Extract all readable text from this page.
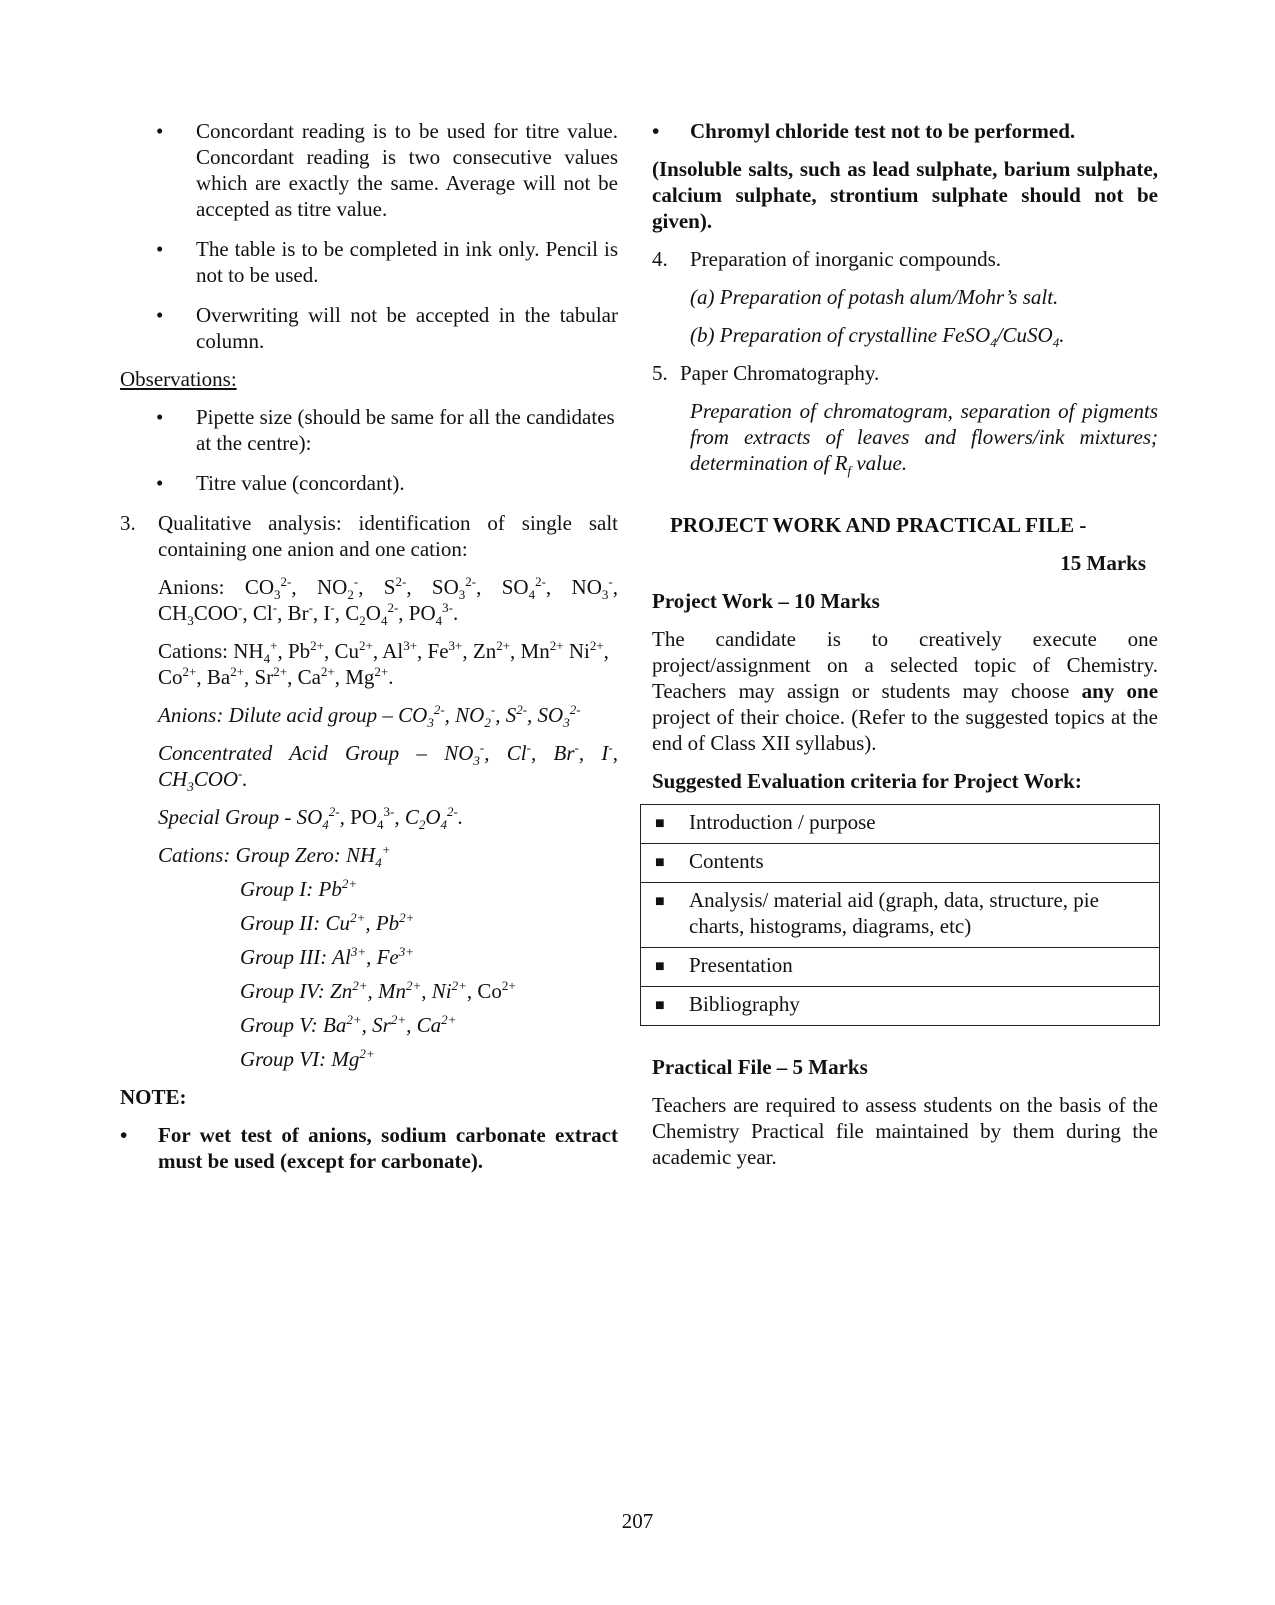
• Concordant reading is to be used for titre value. Concordant reading is two consecutive values which are exactly the same. Average will not be accepted as titre value.
• The table is to be completed in ink only. Pencil is not to be used.
• Overwriting will not be accepted in the tabular column.

Observations:

• Pipette size (should be same for all the candidates at the centre):
• Titre value (concordant).
3. Qualitative analysis: identification of single salt containing one anion and one cation:

Anions: $CO_3^{2-}$, $NO_2^-$, $S^{2-}$, $SO_3^{2-}$, $SO_4^{2-}$, $NO_3^-$, $CH_3COO^-$, Cl-, Br-, I-, $C_2O_4^{2-}$, $PO_4^{3-}$.

Cations: $NH_4^+$, $Pb^{2+}$, $Cu^{2+}$, $Al^{3+}$, $Fe^{3+}$, $Zn^{2+}$, $Mn^{2+}$ $Ni^{2+}$, $Co^{2+}$, $Ba^{2+}$, $Sr^{2+}$, $Ca^{2+}$, $Mg^{2+}$.

Anions: Dilute acid group – $CO_3^{2-}$, $NO_2^-$, $S^{2-}$, $SO_3^{2-}$

Concentrated Acid Group – $NO_3^-$, Cl-, Br-, I-, $CH_3COO^-$.

Special Group - $SO_4^{2-}$, $PO_4^{3-}$, $C_2O_4^{2-}$.

Cations: Group Zero: $NH_4^+$

Group I: $Pb^{2+}$

Group II: $Cu^{2+}$, $Pb^{2+}$

Group III: $Al^{3+}$, $Fe^{3+}$

Group IV: $Zn^{2+}$, $Mn^{2+}$, $Ni^{2+}$, $Co^{2+}$

Group V: $Ba^{2+}$, $Sr^{2+}$, $Ca^{2+}$

Group VI: $Mg^{2+}$

NOTE:

• For wet test of anions, sodium carbonate extract must be used (except for carbonate).
• Chromyl chloride test not to be performed.

(Insoluble salts, such as lead sulphate, barium sulphate, calcium sulphate, strontium sulphate should not be given).

4. Preparation of inorganic compounds.

(a) Preparation of potash alum/Mohr’s salt.

(b) Preparation of crystalline FeSO$_4$/CuSO$_4$.

5. Paper Chromatography.

Preparation of chromatogram, separation of pigments from extracts of leaves and flowers/ink mixtures; determination of $R_f$ value.

PROJECT WORK AND PRACTICAL FILE -

15 Marks

Project Work – 10 Marks

The candidate is to creatively execute one project/assignment on a selected topic of Chemistry. Teachers may assign or students may choose any one project of their choice. (Refer to the suggested topics at the end of Class XII syllabus).

Suggested Evaluation criteria for Project Work:

■ Introduction / purpose

■ Contents

■ Analysis/ material aid (graph, data, structure, pie charts, histograms, diagrams, etc)

■ Presentation

■ Bibliography

Practical File – 5 Marks

Teachers are required to assess students on the basis of the Chemistry Practical file maintained by them during the academic year.

207
